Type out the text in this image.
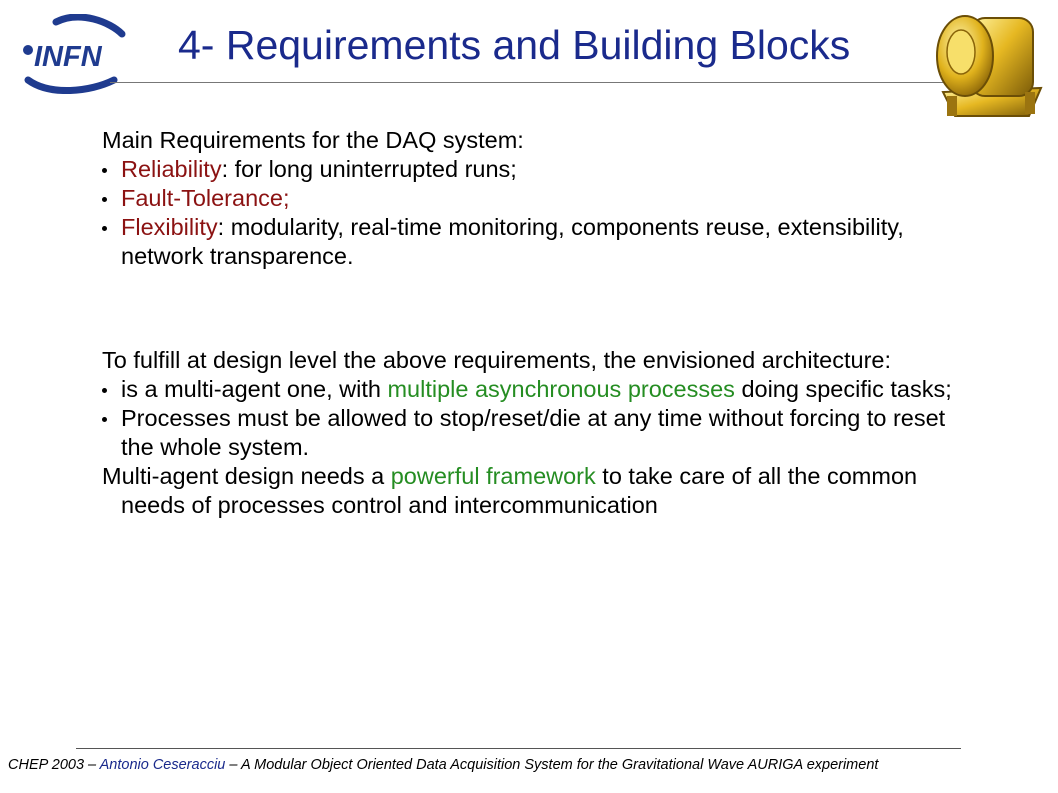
INFN 4- Requirements and Building Blocks

Main Requirements for the DAQ system:

Reliability: for long uninterrupted runs;
Fault-Tolerance;
Flexibility: modularity, real-time monitoring, components reuse, extensibility, network transparence.

To fulfill at design level the above requirements, the envisioned architecture:

is a multi-agent one, with multiple asynchronous processes doing specific tasks;
Processes must be allowed to stop/reset/die at any time without forcing to reset the whole system.

Multi-agent design needs a powerful framework to take care of all the common needs of processes control and intercommunication

CHEP 2003 – Antonio Ceseracciu – A Modular Object Oriented Data Acquisition System for the Gravitational Wave AURIGA experiment
